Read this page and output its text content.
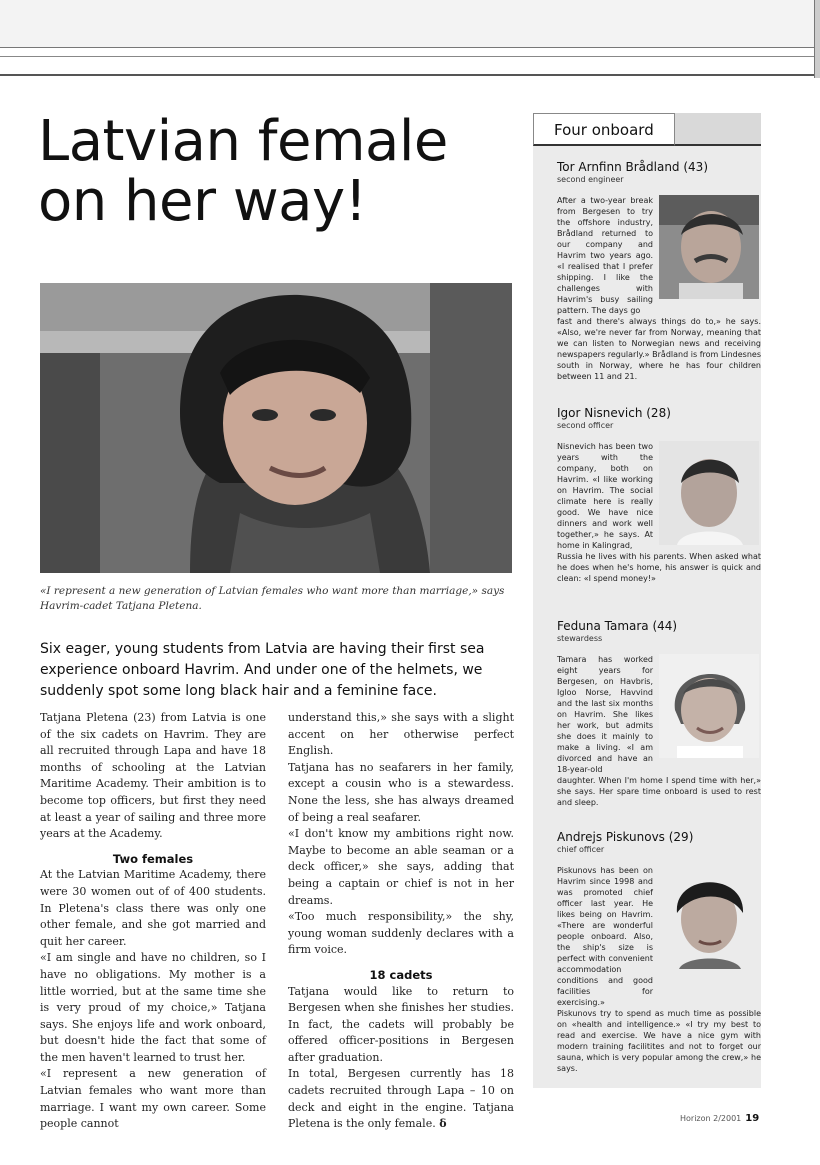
Latvian female on her way!

«I represent a new generation of Latvian females who want more than marriage,» says Havrim-cadet Tatjana Pletena.

Six eager, young students from Latvia are having their first sea experience onboard Havrim. And under one of the helmets, we suddenly spot some long black hair and a feminine face.

Tatjana Pletena (23) from Latvia is one of the six cadets on Havrim. They are all recruited through Lapa and have 18 months of schooling at the Latvian Maritime Academy. Their ambition is to become top officers, but first they need at least a year of sailing and three more years at the Academy.

Two females

At the Latvian Maritime Academy, there were 30 women out of of 400 students. In Pletena's class there was only one other female, and she got married and quit her career.

«I am single and have no children, so I have no obligations. My mother is a little worried, but at the same time she is very proud of my choice,» Tatjana says. She enjoys life and work onboard, but doesn't hide the fact that some of the men haven't learned to trust her.

«I represent a new generation of Latvian females who want more than marriage. I want my own career. Some people cannot

understand this,» she says with a slight accent on her otherwise perfect English.

Tatjana has no seafarers in her family, except a cousin who is a stewardess. None the less, she has always dreamed of being a real seafarer.

«I don't know my ambitions right now. Maybe to become an able seaman or a deck officer,» she says, adding that being a captain or chief is not in her dreams.

«Too much responsibility,» the shy, young woman suddenly declares with a firm voice.

18 cadets

Tatjana would like to return to Bergesen when she finishes her studies. In fact, the cadets will probably be offered officer-positions in Bergesen after graduation.

In total, Bergesen currently has 18 cadets recruited through Lapa – 10 on deck and eight in the engine. Tatjana Pletena is the only female. ẟ

Four onboard
Tor Arnfinn Brådland (43)
second engineer
After a two-year break from Bergesen to try the offshore industry, Brådland returned to our company and Havrim two years ago. «I realised that I prefer shipping. I like the challenges with Havrim's busy sailing pattern. The days go
fast and there's always things do to,» he says. «Also, we're never far from Norway, meaning that we can listen to Norwegian news and receiving newspapers regularly.» Brådland is from Lindesnes south in Norway, where he has four children between 11 and 21.
Igor Nisnevich (28)
second officer
Nisnevich has been two years with the company, both on Havrim. «I like working on Havrim. The social climate here is really good. We have nice dinners and work well together,» he says. At home in Kalingrad,
Russia he lives with his parents. When asked what he does when he's home, his answer is quick and clean: «I spend money!»
Feduna Tamara (44)
stewardess
Tamara has worked eight years for Bergesen, on Havbris, Igloo Norse, Havvind and the last six months on Havrim. She likes her work, but admits she does it mainly to make a living. «I am divorced and have an 18-year-old
daughter. When I'm home I spend time with her,» she says. Her spare time onboard is used to rest and sleep.
Andrejs Piskunovs (29)
chief officer
Piskunovs has been on Havrim since 1998 and was promoted chief officer last year. He likes being on Havrim. «There are wonderful people onboard. Also, the ship's size is perfect with convenient accommodation conditions and good facilities for exercising.»
Piskunovs try to spend as much time as possible on «health and intelligence.» «I try my best to read and exercise. We have a nice gym with modern training facilitites and not to forget our sauna, which is very popular among the crew,» he says.
Horizon 2/2001 19
